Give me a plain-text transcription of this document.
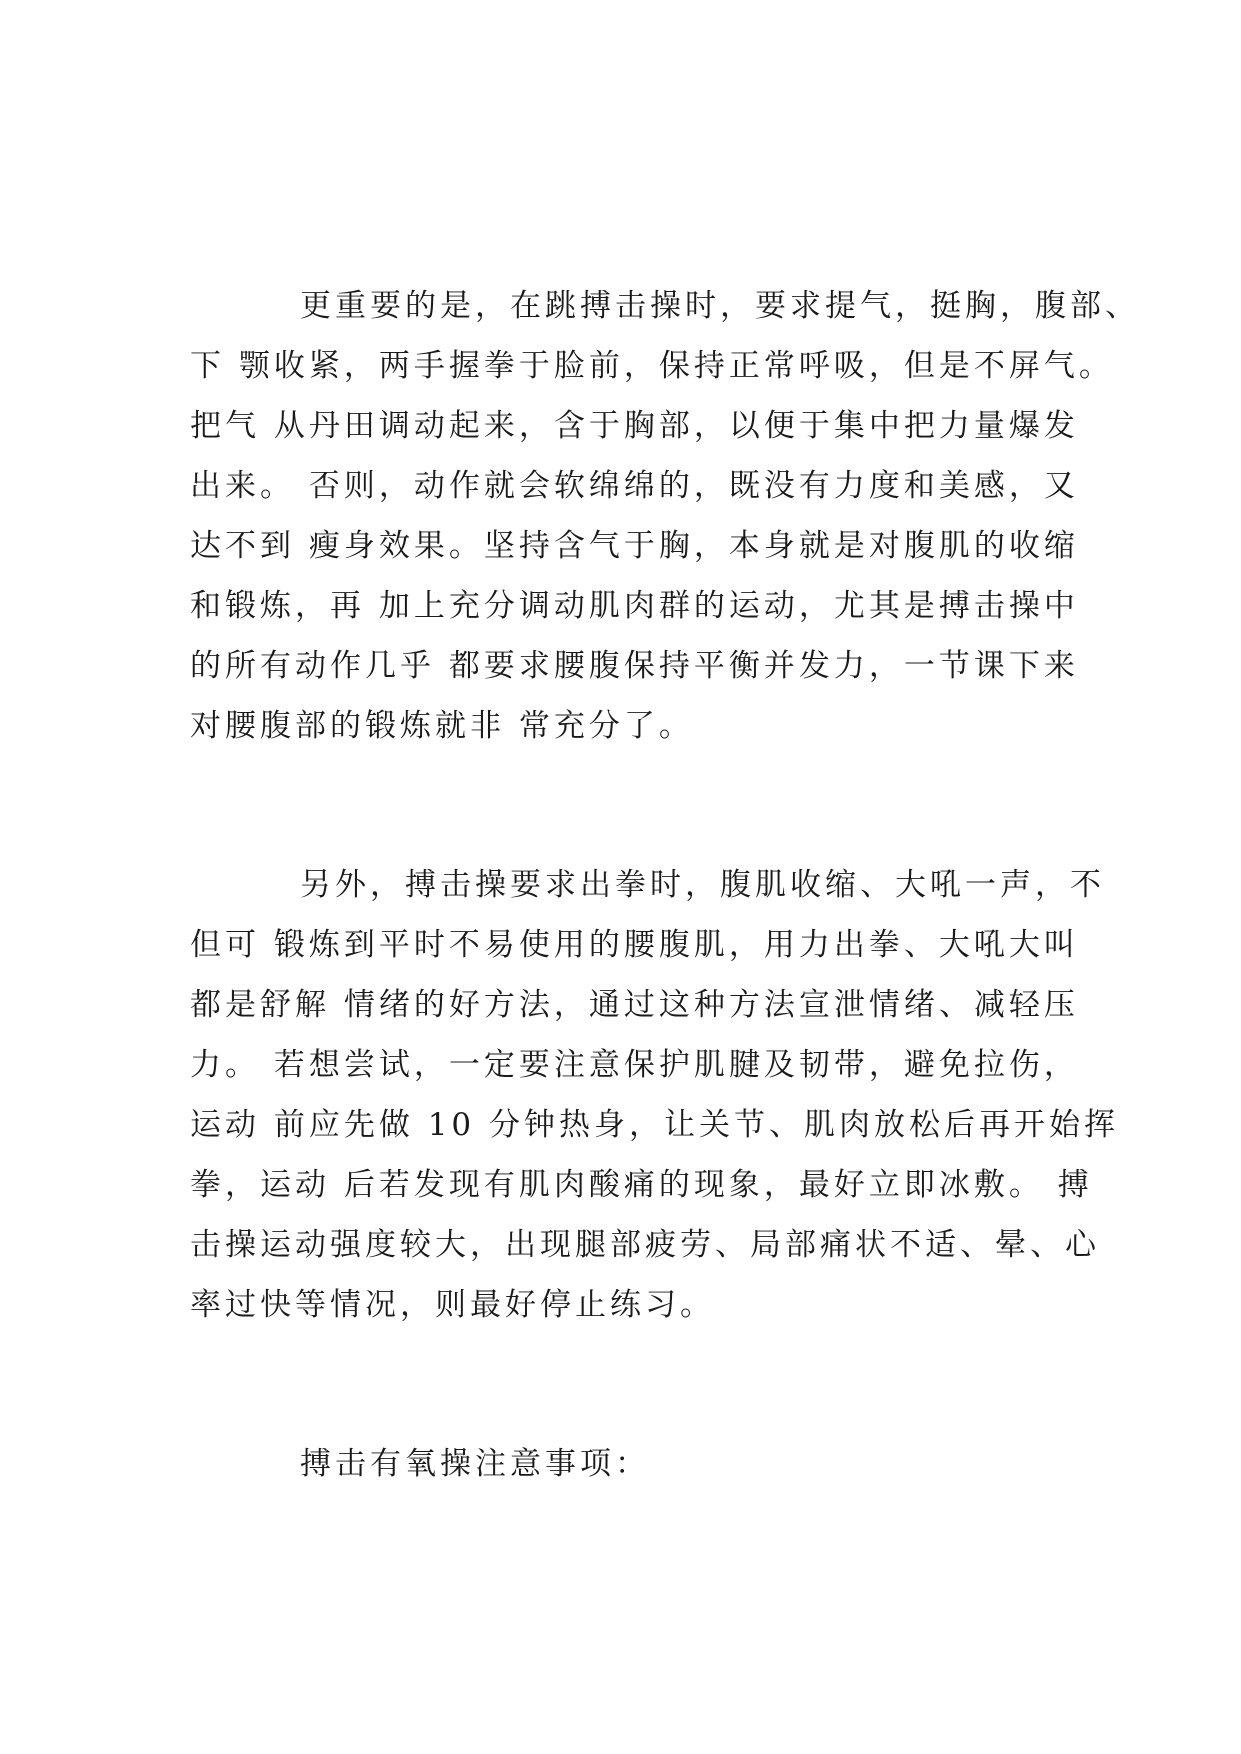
更重要的是，在跳搏击操时，要求提气，挺胸，腹部、
下 颚收紧，两手握拳于脸前，保持正常呼吸，但是不屏气。
把气 从丹田调动起来，含于胸部，以便于集中把力量爆发
出来。 否则，动作就会软绵绵的，既没有力度和美感，又
达不到 瘦身效果。坚持含气于胸，本身就是对腹肌的收缩
和锻炼，再 加上充分调动肌肉群的运动，尤其是搏击操中
的所有动作几乎 都要求腰腹保持平衡并发力，一节课下来
对腰腹部的锻炼就非 常充分了。
另外，搏击操要求出拳时，腹肌收缩、大吼一声，不
但可 锻炼到平时不易使用的腰腹肌，用力出拳、大吼大叫
都是舒解 情绪的好方法，通过这种方法宣泄情绪、减轻压
力。 若想尝试，一定要注意保护肌腱及韧带，避免拉伤，
运动 前应先做 10 分钟热身，让关节、肌肉放松后再开始挥
拳，运动 后若发现有肌肉酸痛的现象，最好立即冰敷。 搏
击操运动强度较大，出现腿部疲劳、局部痛状不适、晕、心
率过快等情况，则最好停止练习。
搏击有氧操注意事项：
